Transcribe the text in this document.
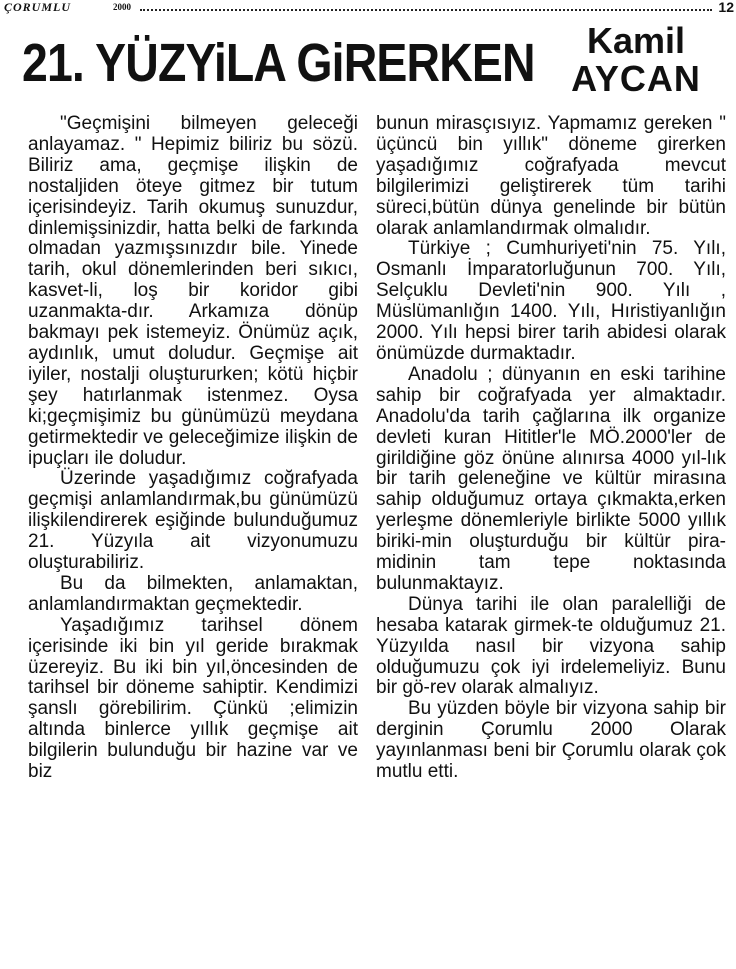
ÇORUMLU	2000	12
21. YÜZYiLA GiRERKEN	Kamil
AYCAN

"Geçmişini bilmeyen gelecеği anlayamaz. " Hepimiz biliriz bu sözü. Biliriz ama, geçmişe ilişkin de nostaljiden öteye gitmez bir tutum içerisindeyiz. Tarih okumuş sunuzdur, dinlemişsinizdir, hatta belki de farkında olmadan yazmışsınızdır bile. Yinede tarih, okul dönemlerinden beri sıkıcı, kasvet-li, loş bir koridor gibi uzanmakta-dır. Arkamıza dönüp bakmayı pek istemeyiz. Önümüz açık, aydınlık, umut doludur. Geçmişe ait iyiler, nostalji oluştururken; kötü hiçbir şey hatırlanmak istenmez. Oysa ki;geçmişimiz bu günümüzü meydana getirmektedir ve geleceğimize ilişkin de ipuçları ile doludur.

Üzerinde yaşadığımız coğrafyada geçmişi anlamlandırmak,bu günümüzü ilişkilendirerek eşiğinde bulunduğumuz 21. Yüzyıla ait vizyonumuzu oluşturabiliriz.

Bu da bilmekten, anlamaktan, anlamlandırmaktan geçmektedir.

Yaşadığımız tarihsel dönem içerisinde iki bin yıl geride bırakmak üzereyiz. Bu iki bin yıl,öncesinden de tarihsel bir döneme sahiptir. Kendimizi şanslı görebilirim. Çünkü ;elimizin altında binlerce yıllık geçmişe ait bilgilerin bulunduğu bir hazine var ve biz

bunun mirasçısıyız. Yapmamız gereken " üçüncü bin yıllık" döneme girerken yaşadığımız coğrafyada mevcut bilgilerimizi geliştirerek tüm tarihi süreci,bütün dünya genelinde bir bütün olarak anlamlandırmak olmalıdır.

Türkiye ; Cumhuriyeti'nin 75. Yılı, Osmanlı İmparatorluğunun 700. Yılı, Selçuklu Devleti'nin 900. Yılı , Müslümanlığın 1400. Yılı, Hıristiyanlığın 2000. Yılı hepsi birer tarih abidesi olarak önümüzde durmaktadır.

Anadolu ; dünyanın en eski tarihine sahip bir coğrafyada yer almaktadır. Anadolu'da tarih çağlarına ilk organize devleti kuran Hititler'le MÖ.2000'ler de girildiğine göz önüne alınırsa 4000 yıl-lık bir tarih geleneğine ve kültür mirasına sahip olduğumuz ortaya çıkmakta,erken yerleşme dönemleriyle birlikte 5000 yıllık biriki-min oluşturduğu bir kültür pira-midinin tam tepe noktasında bulunmaktayız.

Dünya tarihi ile olan paralelliği de hesaba katarak girmek-te olduğumuz 21. Yüzyılda nasıl bir vizyona sahip olduğumuzu çok iyi irdelemeliyiz. Bunu bir gö-rev olarak almalıyız.

Bu yüzden böyle bir vizyona sahip bir derginin Çorumlu 2000 Olarak yayınlanması beni bir Çorumlu olarak çok mutlu etti.
